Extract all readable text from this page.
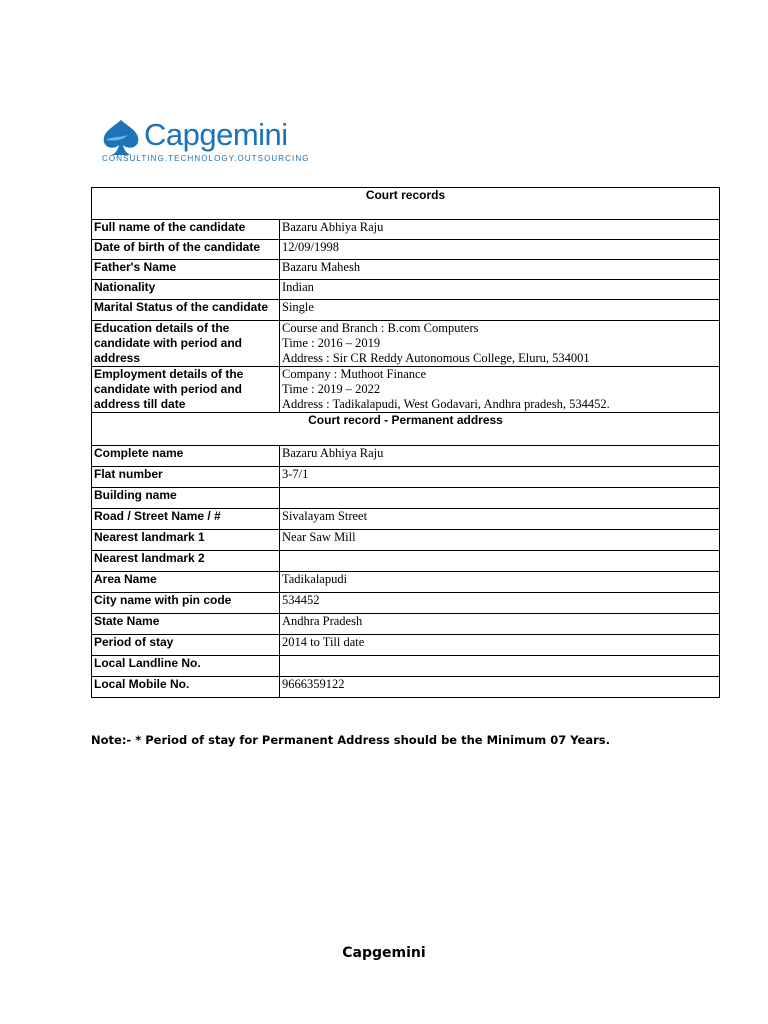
Capgemini
CONSULTING.TECHNOLOGY.OUTSOURCING
Court records	
Full name of the candidate	Bazaru Abhiya Raju
Date of birth of the candidate	12/09/1998
Father's Name	Bazaru Mahesh
Nationality	Indian
Marital Status of the candidate	Single
Education details of the candidate with period and address	Course and Branch : B.com Computers
Time : 2016 – 2019
Address : Sir CR Reddy Autonomous College, Eluru, 534001

Employment details of the candidate with period and address till date	Company : Muthoot Finance
Time : 2019 – 2022
Address : Tadikalapudi, West Godavari, Andhra pradesh, 534452.

Court record - Permanent address	
Complete name	Bazaru Abhiya Raju
Flat number	3-7/1
Building name	
Road / Street Name / #	Sivalayam Street
Nearest landmark 1	Near Saw Mill
Nearest landmark 2	
Area Name	Tadikalapudi
City name with pin code	534452
State Name	Andhra Pradesh
Period of stay	2014 to Till date
Local Landline No.	
Local Mobile No.	9666359122
Note:- * Period of stay for Permanent Address should be the Minimum 07 Years.
Capgemini
